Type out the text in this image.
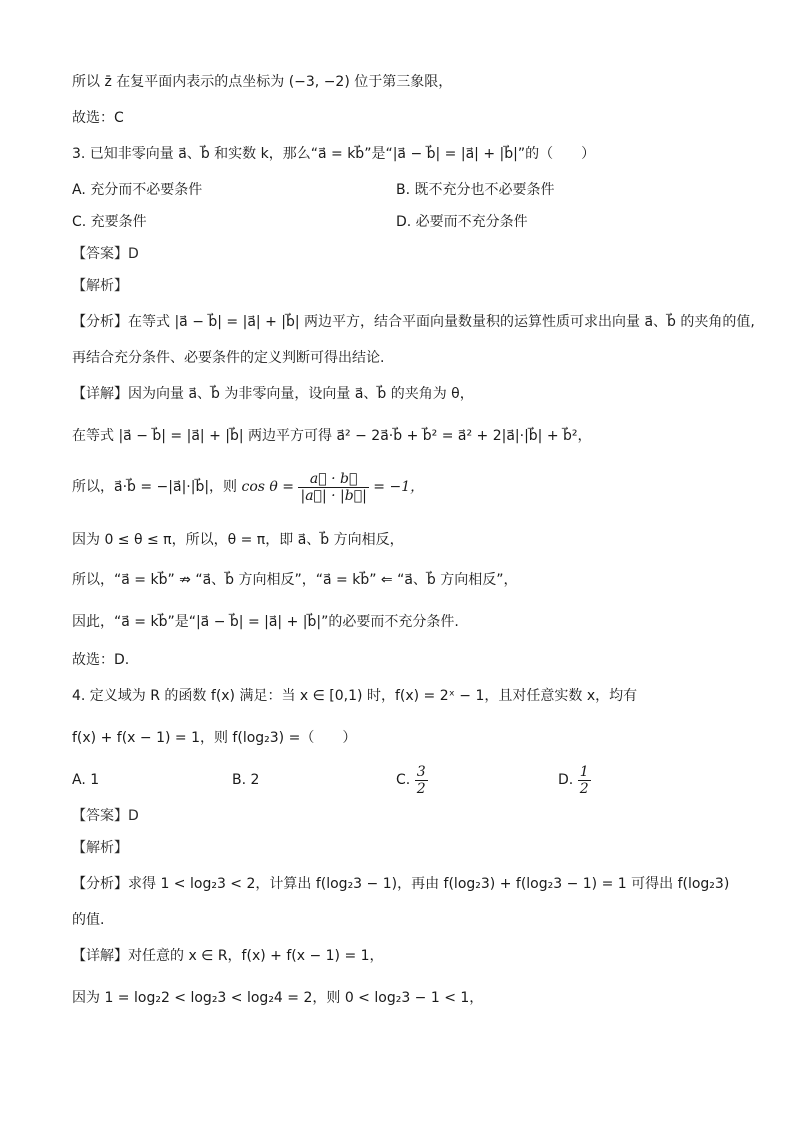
所以 z̄ 在复平面内表示的点坐标为 (−3, −2) 位于第三象限，
故选：C
3. 已知非零向量 a⃗、b⃗ 和实数 k，那么“a⃗ = kb⃗”是“|a⃗ − b⃗| = |a⃗| + |b⃗|”的（　　）
A. 充分而不必要条件	B. 既不充分也不必要条件
C. 充要条件	D. 必要而不充分条件
【答案】D
【解析】
【分析】在等式 |a⃗ − b⃗| = |a⃗| + |b⃗| 两边平方，结合平面向量数量积的运算性质可求出向量 a⃗、b⃗ 的夹角的值,
再结合充分条件、必要条件的定义判断可得出结论.
【详解】因为向量 a⃗、b⃗ 为非零向量，设向量 a⃗、b⃗ 的夹角为 θ，
在等式 |a⃗ − b⃗| = |a⃗| + |b⃗| 两边平方可得 a⃗² − 2a⃗·b⃗ + b⃗² = a⃗² + 2|a⃗|·|b⃗| + b⃗²，
所以，a⃗·b⃗ = −|a⃗|·|b⃗|，则 $\cos \theta = \frac{a⃗ \cdot b⃗}{|a⃗| \cdot |b⃗|} = -1$，
因为 0 ≤ θ ≤ π，所以，θ = π，即 a⃗、b⃗ 方向相反，
所以，“a⃗ = kb⃗” ⇏ “a⃗、b⃗ 方向相反”，“a⃗ = kb⃗” ⇐ “a⃗、b⃗ 方向相反”，
因此，“a⃗ = kb⃗”是“|a⃗ − b⃗| = |a⃗| + |b⃗|”的必要而不充分条件.
故选：D.
4. 定义域为 R 的函数 f(x) 满足：当 x ∈ [0,1) 时，f(x) = 2ˣ − 1，且对任意实数 x，均有
f(x) + f(x − 1) = 1，则 f(log₂3) =（　　）
A. 1	B. 2	C. $\frac{3}{2}$	D. $\frac{1}{2}$
【答案】D
【解析】
【分析】求得 1 < log₂3 < 2，计算出 f(log₂3 − 1)，再由 f(log₂3) + f(log₂3 − 1) = 1 可得出 f(log₂3)
的值.
【详解】对任意的 x ∈ R，f(x) + f(x − 1) = 1，
因为 1 = log₂2 < log₂3 < log₂4 = 2，则 0 < log₂3 − 1 < 1，
